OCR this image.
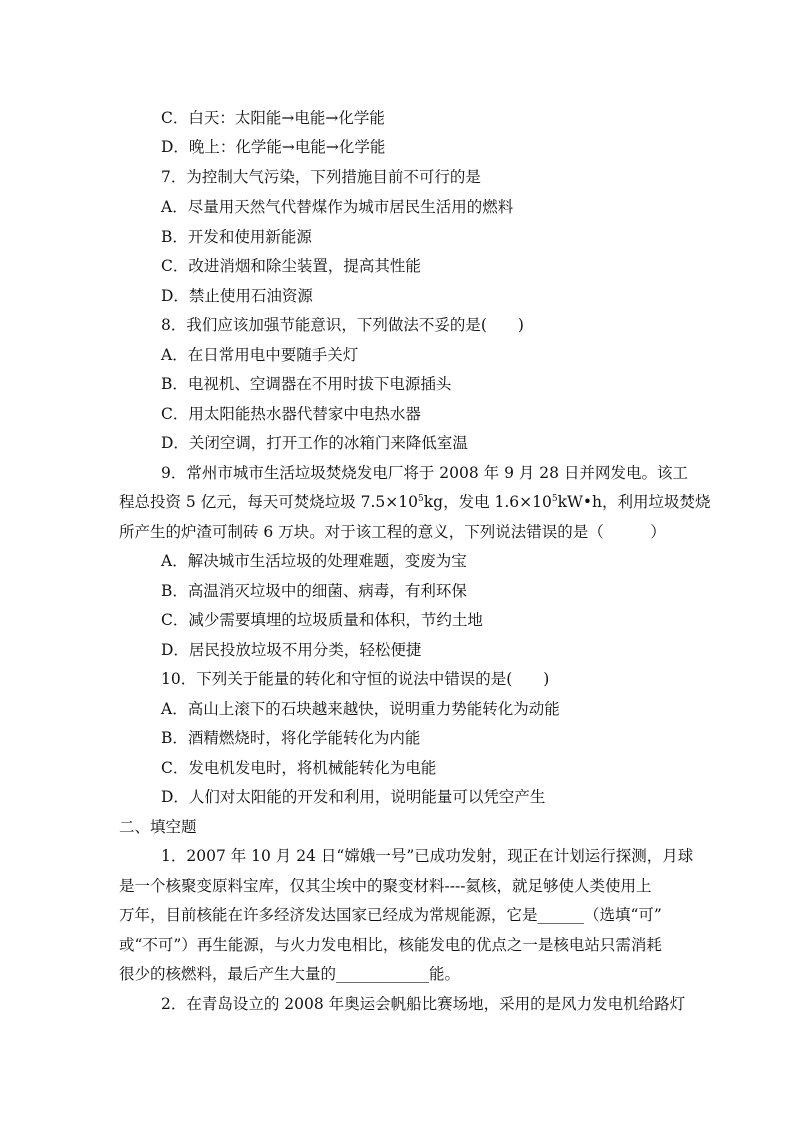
C．白天：太阳能→电能→化学能
D．晚上：化学能→电能→化学能
7．为控制大气污染，下列措施目前不可行的是
A．尽量用天然气代替煤作为城市居民生活用的燃料
B．开发和使用新能源
C．改进消烟和除尘装置，提高其性能
D．禁止使用石油资源
8．我们应该加强节能意识，下列做法不妥的是(　　)
A．在日常用电中要随手关灯
B．电视机、空调器在不用时拔下电源插头
C．用太阳能热水器代替家中电热水器
D．关闭空调，打开工作的冰箱门来降低室温
9．常州市城市生活垃圾焚烧发电厂将于 2008 年 9 月 28 日并网发电。该工
程总投资 5 亿元，每天可焚烧垃圾 $7.5\times 10^5kg$，发电 $1.6\times 10^5kW•h$，利用垃圾焚烧
所产生的炉渣可制砖 6 万块。对于该工程的意义，下列说法错误的是（　　　）
A．解决城市生活垃圾的处理难题，变废为宝
B．高温消灭垃圾中的细菌、病毒，有利环保
C．减少需要填埋的垃圾质量和体积，节约土地
D．居民投放垃圾不用分类，轻松便捷
10．下列关于能量的转化和守恒的说法中错误的是(　　)
A．高山上滚下的石块越来越快，说明重力势能转化为动能
B．酒精燃烧时，将化学能转化为内能
C．发电机发电时，将机械能转化为电能
D．人们对太阳能的开发和利用，说明能量可以凭空产生
二、填空题
1．2007 年 10 月 24 日“嫦娥一号”已成功发射，现正在计划运行探测，月球
是一个核聚变原料宝库，仅其尘埃中的聚变材料----氦核，就足够使人类使用上
万年，目前核能在许多经济发达国家已经成为常规能源，它是______（选填“可”
或“不可”）再生能源，与火力发电相比，核能发电的优点之一是核电站只需消耗
很少的核燃料，最后产生大量的____________能。
2．在青岛设立的 2008 年奥运会帆船比赛场地，采用的是风力发电机给路灯
